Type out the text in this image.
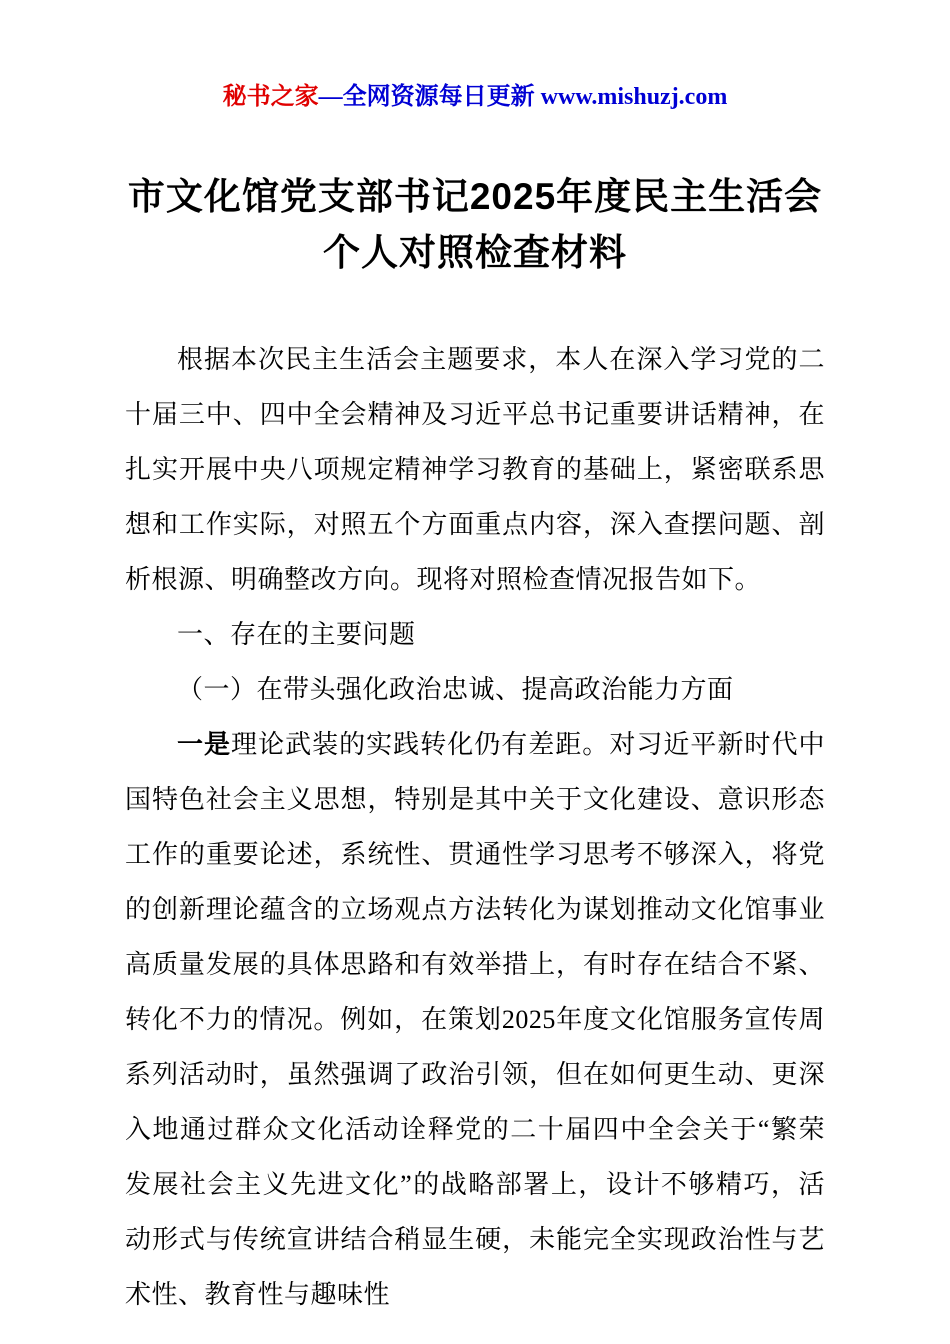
秘书之家—全网资源每日更新 www.mishuzj.com
市文化馆党支部书记2025年度民主生活会
个人对照检查材料

根据本次民主生活会主题要求，本人在深入学习党的二十届三中、四中全会精神及习近平总书记重要讲话精神，在扎实开展中央八项规定精神学习教育的基础上，紧密联系思想和工作实际，对照五个方面重点内容，深入查摆问题、剖析根源、明确整改方向。现将对照检查情况报告如下。

一、存在的主要问题

（一）在带头强化政治忠诚、提高政治能力方面

一是理论武装的实践转化仍有差距。对习近平新时代中国特色社会主义思想，特别是其中关于文化建设、意识形态工作的重要论述，系统性、贯通性学习思考不够深入，将党的创新理论蕴含的立场观点方法转化为谋划推动文化馆事业高质量发展的具体思路和有效举措上，有时存在结合不紧、转化不力的情况。例如，在策划2025年度文化馆服务宣传周系列活动时，虽然强调了政治引领，但在如何更生动、更深入地通过群众文化活动诠释党的二十届四中全会关于“繁荣发展社会主义先进文化”的战略部署上，设计不够精巧，活动形式与传统宣讲结合稍显生硬，未能完全实现政治性与艺术性、教育性与趣味性
